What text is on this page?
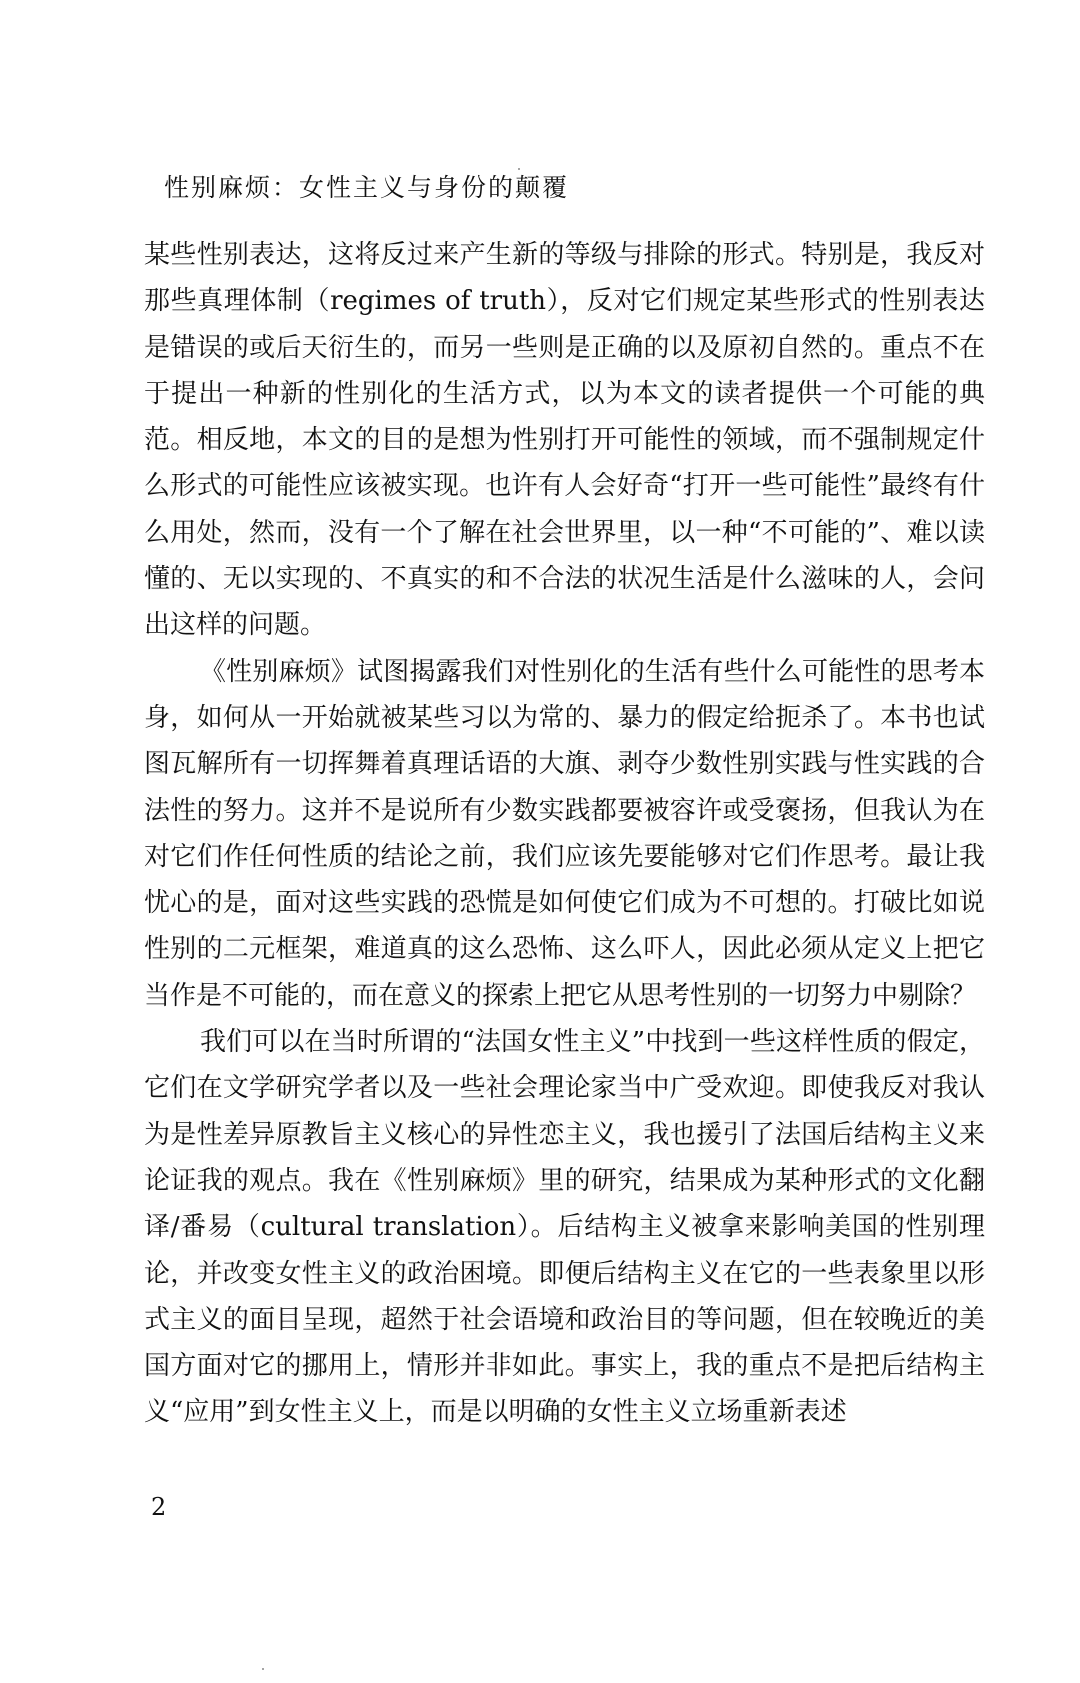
性别麻烦：女性主义与身份的颠覆

某些性别表达，这将反过来产生新的等级与排除的形式。特别是，我反对那些真理体制（regimes of truth），反对它们规定某些形式的性别表达是错误的或后天衍生的，而另一些则是正确的以及原初自然的。重点不在于提出一种新的性别化的生活方式，以为本文的读者提供一个可能的典范。相反地，本文的目的是想为性别打开可能性的领域，而不强制规定什么形式的可能性应该被实现。也许有人会好奇“打开一些可能性”最终有什么用处，然而，没有一个了解在社会世界里，以一种“不可能的”、难以读懂的、无以实现的、不真实的和不合法的状况生活是什么滋味的人，会问出这样的问题。

《性别麻烦》试图揭露我们对性别化的生活有些什么可能性的思考本身，如何从一开始就被某些习以为常的、暴力的假定给扼杀了。本书也试图瓦解所有一切挥舞着真理话语的大旗、剥夺少数性别实践与性实践的合法性的努力。这并不是说所有少数实践都要被容许或受褒扬，但我认为在对它们作任何性质的结论之前，我们应该先要能够对它们作思考。最让我忧心的是，面对这些实践的恐慌是如何使它们成为不可想的。打破比如说性别的二元框架，难道真的这么恐怖、这么吓人，因此必须从定义上把它当作是不可能的，而在意义的探索上把它从思考性别的一切努力中剔除？

我们可以在当时所谓的“法国女性主义”中找到一些这样性质的假定，它们在文学研究学者以及一些社会理论家当中广受欢迎。即使我反对我认为是性差异原教旨主义核心的异性恋主义，我也援引了法国后结构主义来论证我的观点。我在《性别麻烦》里的研究，结果成为某种形式的文化翻译/番易（cultural translation）。后结构主义被拿来影响美国的性别理论，并改变女性主义的政治困境。即便后结构主义在它的一些表象里以形式主义的面目呈现，超然于社会语境和政治目的等问题，但在较晚近的美国方面对它的挪用上，情形并非如此。事实上，我的重点不是把后结构主义“应用”到女性主义上，而是以明确的女性主义立场重新表述

2
